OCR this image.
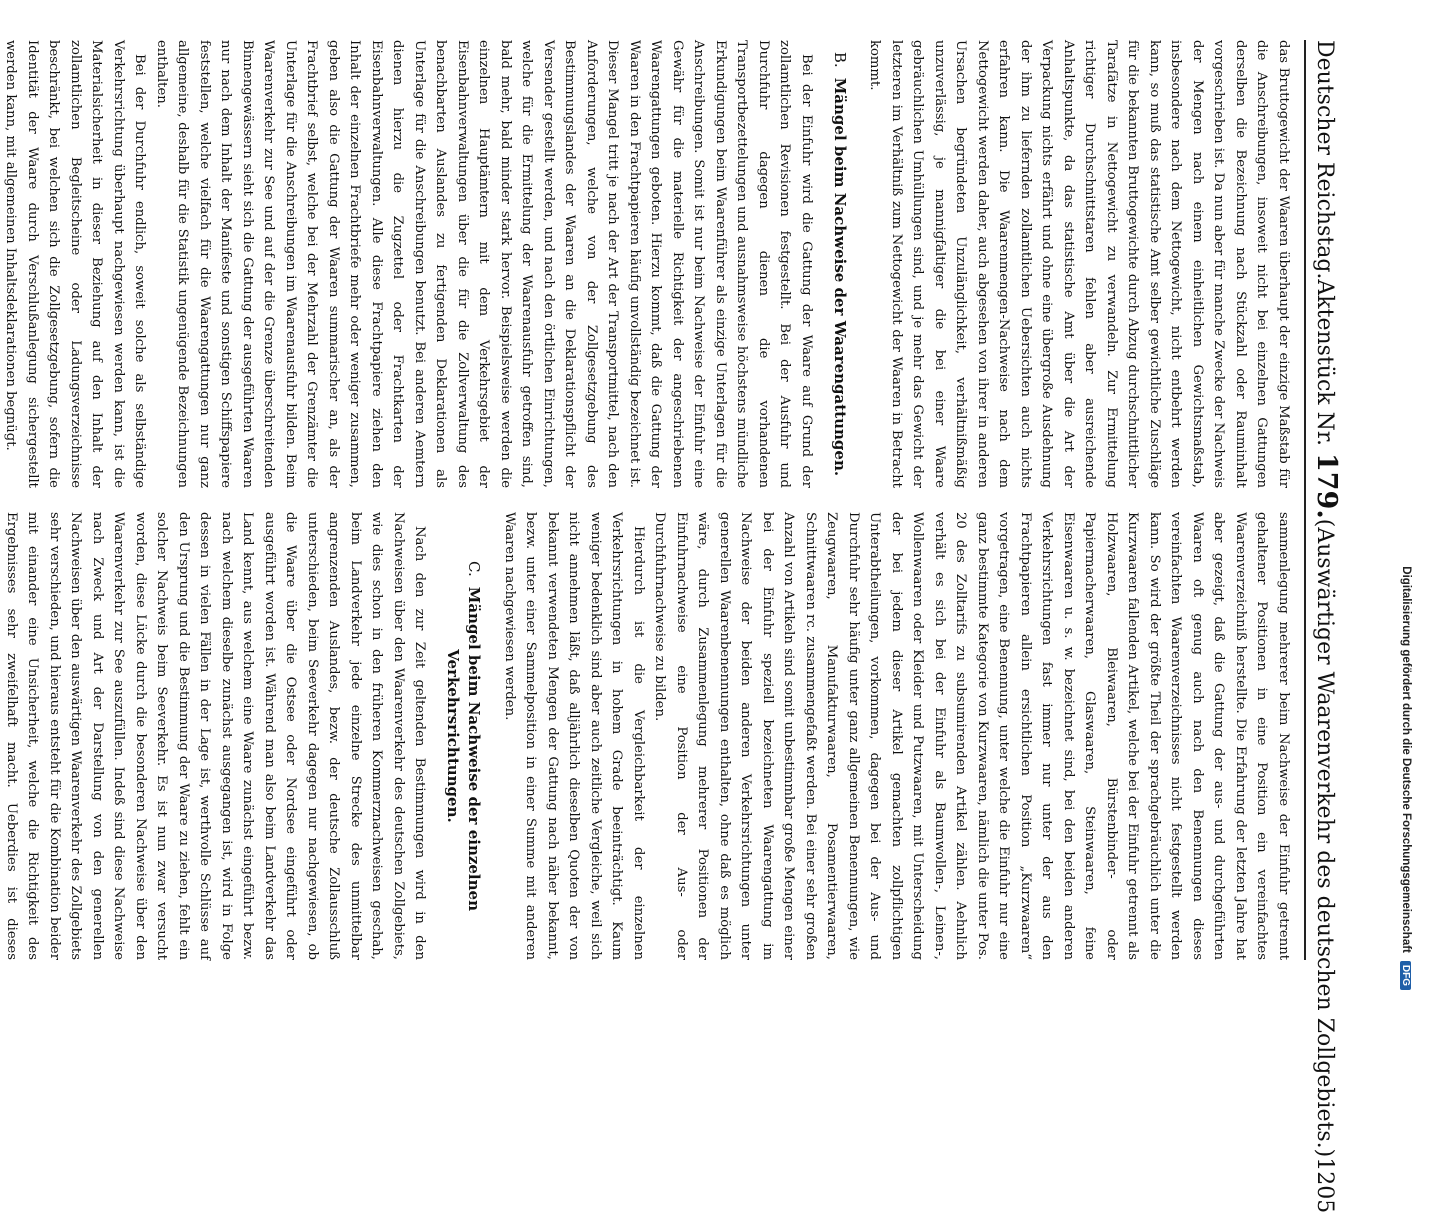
Deutscher Reichstag.
Aktenstück Nr. 179.
(Auswärtiger Waarenverkehr des deutschen Zollgebiets.)
1205

das Bruttogewicht der Waaren überhaupt der einzige Maßstab für die Anschreibungen, insoweit nicht bei einzelnen Gattungen derselben die Bezeichnung nach Stückzahl oder Rauminhalt vorgeschrieben ist. Da nun aber für manche Zwecke der Nachweis der Mengen nach einem einheitlichen Gewichtsmaßstab, insbesondere nach dem Nettogewicht, nicht entbehrt werden kann, so muß das statistische Amt selber gewichtliche Zuschläge für die bekannten Bruttogewichte durch Abzug durchschnittlicher Taraſätze in Nettogewicht zu verwandeln. Zur Ermittelung richtiger Durchschnittstaren fehlen aber ausreichende Anhaltspunkte, da das statistische Amt über die Art der Verpackung nichts erfährt und ohne eine übergroße Ausdehnung der ihm zu liefernden zollamtlichen Uebersichten auch nichts erfahren kann. Die Waarenmengen-Nachweise nach dem Nettogewicht werden daher, auch abgesehen von ihrer in anderen Ursachen begründeten Unzulänglichkeit, verhältnißmäßig unzuverlässig, je mannigfaltiger die bei einer Waare gebräuchlichen Umhüllungen sind, und je mehr das Gewicht der letzteren im Verhältniß zum Nettogewicht der Waaren in Betracht kommt.

B.Mängel beim Nachweise der Waarengattungen.

Bei der Einfuhr wird die Gattung der Waare auf Grund der zollamtlichen Revisionen festgestellt. Bei der Ausfuhr und Durchfuhr dagegen dienen die vorhandenen Transportbezettelungen und ausnahmsweise höchstens mündliche Erkundigungen beim Waarenführer als einzige Unterlagen für die Anschreibungen. Somit ist nur beim Nachweise der Einfuhr eine Gewähr für die materielle Richtigkeit der angeschriebenen Waarengattungen geboten. Hierzu kommt, daß die Gattung der Waaren in den Frachtpapieren häufig unvollständig bezeichnet ist. Dieser Mangel tritt je nach der Art der Transportmittel, nach den Anforderungen, welche von der Zollgesetzgebung des Bestimmungslandes der Waaren an die Deklarationspflicht der Versender gestellt werden, und nach den örtlichen Einrichtungen, welche für die Ermittelung der Waarenausfuhr getroffen sind, bald mehr, bald minder stark hervor. Beispielsweise werden die einzelnen Hauptämtern mit dem Verkehrsgebiet der Eisenbahnverwaltungen über die für die Zollverwaltung des benachbarten Auslandes zu fertigenden Deklarationen als Unterlage für die Anschreibungen benutzt. Bei anderen Aemtern dienen hierzu die Zugzettel oder Frachtkarten der Eisenbahnverwaltungen. Alle diese Frachtpapiere ziehen den Inhalt der einzelnen Frachtbriefe mehr oder weniger zusammen, geben also die Gattung der Waaren summarischer an, als der Frachtbrief selbst, welche bei der Mehrzahl der Grenzämter die Unterlage für die Anschreibungen im Waarenausfuhr bilden. Beim Waarenverkehr zur See und auf der die Grenze überschreitenden Binnengewässern sieht sich die Gattung der ausgeführten Waaren nur nach dem Inhalt der Manifeste und sonstigen Schiffspapiere feststellen, welche vielfach für die Waarengattungen nur ganz allgemeine, deshalb für die Statistik ungenügende Bezeichnungen enthalten.

Bei der Durchfuhr endlich, soweit solche als selbständige Verkehrsrichtung überhaupt nachgewiesen werden kann, ist die Materialsicherheit in dieser Beziehung auf den Inhalt der zollamtlichen Begleitscheine oder Ladungsverzeichnisse beschränkt, bei welchen sich die Zollgesetzgebung, sofern die Identität der Waare durch Verschlußanlegung sichergestellt werden kann, mit allgemeinen Inhaltsdeklarationen begnügt.

sammenlegung mehrerer beim Nachweise der Einfuhr getrennt gehaltener Positionen in eine Position ein vereinfachtes Waarenverzeichniß herstellte. Die Erfahrung der letzten Jahre hat aber gezeigt, daß die Gattung der aus- und durchgeführten Waaren oft genug auch nach den Benennungen dieses vereinfachten Waarenverzeichnisses nicht festgestellt werden kann. So wird der größte Theil der sprachgebräuchlich unter die Kurzwaaren fallenden Artikel, welche bei der Einfuhr getrennt als Holzwaaren, Bleiwaaren, Bürstenbinder- oder Papiermacherwaaren, Glaswaaren, Steinwaaren, feine Eisenwaaren u. s. w. bezeichnet sind, bei den beiden anderen Verkehrsrichtungen fast immer nur unter der aus den Frachtpapieren allein ersichtlichen Position „Kurzwaaren“ vorgetragen, eine Benennung, unter welche die Einfuhr nur eine ganz bestimmte Kategorie von Kurzwaaren, nämlich die unter Pos. 20 des Zolltarifs zu subsumirenden Artikel zählen. Aehnlich verhält es sich bei der Einfuhr als Baumwollen-, Leinen-, Wollenwaaren oder Kleider und Putzwaaren, mit Unterscheidung der bei jedem dieser Artikel gemachten zollpflichtigen Unterabtheilungen, vorkommen, dagegen bei der Aus- und Durchfuhr sehr häufig unter ganz allgemeinen Benennungen, wie Zeugwaaren, Manufakturwaaren, Posamentierwaaren, Schnittwaaren rc. zusammengefaßt werden. Bei einer sehr großen Anzahl von Artikeln sind somit unbestimmbar große Mengen einer bei der Einfuhr speziell bezeichneten Waarengattung im Nachweise der beiden anderen Verkehrsrichtungen unter generellen Waarenbenennungen enthalten, ohne daß es möglich wäre, durch Zusammenlegung mehrerer Positionen der Einfuhrnachweise eine Position der Aus- oder Durchfuhrnachweise zu bilden.

Hierdurch ist die Vergleichbarkeit der einzelnen Verkehrsrichtungen in hohem Grade beeinträchtigt. Kaum weniger bedenklich sind aber auch zeitliche Vergleiche, weil sich nicht annehmen läßt, daß alljährlich dieselben Quoten der von bekannt verwendeten Mengen der Gattung nach näher bekannt, bezw. unter einer Sammelposition in einer Summe mit anderen Waaren nachgewiesen werden.

C.Mängel beim Nachweise der einzelnen Verkehrsrichtungen.

Nach den zur Zeit geltenden Bestimmungen wird in den Nachweisen über den Waarenverkehr des deutschen Zollgebiets, wie dies schon in den früheren Kommerznachweisen geschah, beim Landverkehr jede einzelne Strecke des unmittelbar angrenzenden Auslandes, bezw. der deutsche Zollausschluß unterschieden, beim Seeverkehr dagegen nur nachgewiesen, ob die Waare über die Ostsee oder Nordsee eingeführt oder ausgeführt worden ist. Während man also beim Landverkehr das Land kennt, aus welchem eine Waare zunächst eingeführt bezw. nach welchem dieselbe zunächst ausgegangen ist, wird in Folge dessen in vielen Fällen in der Lage ist, werthvolle Schlüsse auf den Ursprung und die Bestimmung der Waare zu ziehen, fehlt ein solcher Nachweis beim Seeverkehr. Es ist nun zwar versucht worden, diese Lücke durch die besonderen Nachweise über den Waarenverkehr zur See auszufüllen. Indeß sind diese Nachweise nach Zweck und Art der Darstellung von den generellen Nachweisen über den auswärtigen Waarenverkehr des Zollgebiets sehr verschieden, und hieraus entsteht für die Kombination beider mit einander eine Unsicherheit, welche die Richtigkeit des Ergebnisses sehr zweifelhaft macht. Ueberdies ist dieses	Digitalisierung gefördert durch die Deutsche Forschungsgemeinschaft
DFG
